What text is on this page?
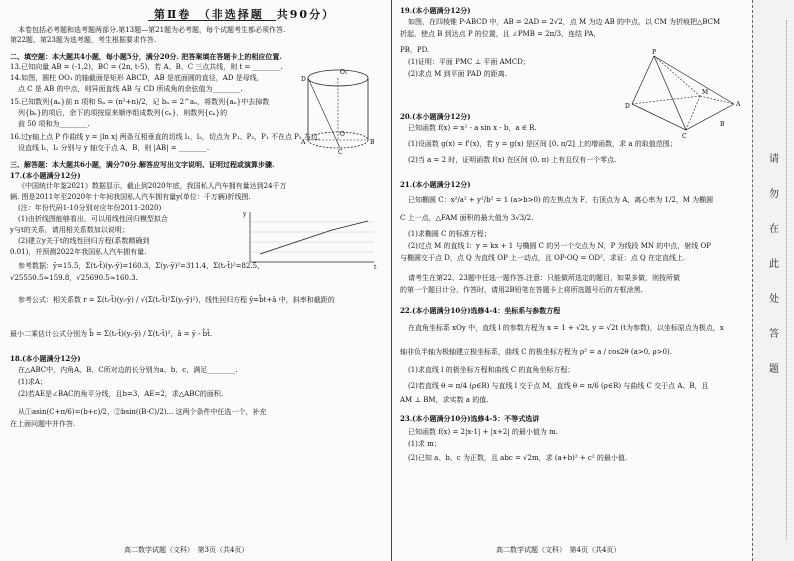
第Ⅱ卷　（非选择题　共90分）
本卷包括必考题和选考题两部分.第13题—第21题为必考题，每个试题考生都必须作答.
第22题、第23题为选考题，考生根据要求作答.
二、填空题：本大题共4小题，每小题5分，满分20分. 把答案填在答题卡上的相应位置.
13.已知向量 AB = (-1,2)，BC = (2n, t-5)，若 A、B、C 三点共线，则 t = ________.
14.如图，圆柱 OO₁ 的轴截面是矩形 ABCD，AB 是底面圆的直径，AD 是母线，
点 C 是 AB 的中点，则异面直线 AB 与 CD 所成角的余弦值为________.
15.已知数列{aₙ}前 n 项和 Sₙ = (n²+n)/2，记 bₙ = 2^aₙ，将数列{aₙ}中去掉数
列{bₙ}的项后，余下的项按原来顺序组成数列{cₙ}，则数列{cₙ}的
前 50 项和为________.
O₁
D
A
C
B
O
16.过y轴上点 P 作曲线 y = |ln x| 两条互相垂直的切线 l₁，l₂，切点为 P₁、P₂，P₁ 不在点 P₂ 左边，
设直线 l₁，l₂ 分别与 y 轴交于点 A，B，则 |AB| = ________.
三、解答题：本大题共6小题，满分70分.解答应写出文字说明、证明过程或演算步骤.
17.(本小题满分12分)
《中国统计年鉴2021》数据显示，截止到2020年底，我国私人汽车拥有量达到24千万
辆. 图是2011年至2020年十年间我国私人汽车拥有量y(单位：千万辆)折线图.
(注：年份代码1-10分别对应年份2011-2020)
(1)由折线图能够看出，可以用线性回归模型拟合
y与t的关系，请用相关系数加以说明；
(2)建立y关于t的线性回归方程(系数精确到
0.01)，并预测2022年我国私人汽车拥有量.
y
t
参考数据：ȳ=15.5，Σ(tᵢ-t̄)(yᵢ-ȳ)=160.3，Σ(yᵢ-ȳ)²=311.4，Σ(tᵢ-t̄)²=82.5，
√25550.5≈159.8，√25690.5≈160.3.
参考公式：相关系数 r = Σ(tᵢ-t̄)(yᵢ-ȳ) / √(Σ(tᵢ-t̄)²Σ(yᵢ-ȳ)²)，线性回归方程 ŷ=b̂t+â 中，斜率和截距的
最小二乘估计公式分别为 b̂ = Σ(tᵢ-t̄)(yᵢ-ȳ) / Σ(tᵢ-t̄)²，â = ȳ - b̂t̄.
18.(本小题满分12分)
在△ABC中，内角A、B、C所对边的长分别为a、b、c，满足________.
(1)求A；
(2)若AE是∠BAC的角平分线，且b=3，AE=2，求△ABC的面积.
从①asin(C+π/6)=(b+c)/2，②bsin((B-C)/2)... 这两个条件中任选一个，补充
在上面问题中并作答.
高二数学试题（文科）　第3页（共4页）
19.(本小题满分12分)
如图，在四棱锥 P-ABCD 中，AB = 2AD = 2√2，点 M 为边 AB 的中点，以 CM 为折痕把△BCM
折起，使点 B 到达点 P 的位置，且 ∠PMB = 2π/3，连结 PA，
PB，PD.
(1)证明：平面 PMC ⊥ 平面 AMCD；
(2)求点 M 到平面 PAD 的距离.
P
D
C
M
A
B
20.(本小题满分12分)
已知函数 f(x) = x² - a sin x - b，a ∈ R.
(1)设函数 g(x) = f'(x)，若 y = g(x) 是区间 [0, π/2] 上的增函数，求 a 的取值范围；
(2)当 a = 2 时，证明函数 f(x) 在区间 (0, π) 上有且仅有一个零点.
21.(本小题满分12分)
已知椭圆 C：x²/a² + y²/b² = 1 (a>b>0) 的左焦点为 F，右顶点为 A，离心率为 1/2，M 为椭圆
C 上一点，△FAM 面积的最大值为 3√3/2.
(1)求椭圆 C 的标准方程；
(2)过点 M 的直线 l：y = kx + 1 与椭圆 C 的另一个交点为 N，P 为线段 MN 的中点，射线 OP
与椭圆交于点 D，点 Q 为直线 OP 上一动点，且 OP·OQ = OD²，求证：点 Q 在定直线上.
请考生在第22、23题中任选一题作答.注意：只能做所选定的题目，如果多做，则按所做
的第一个题目计分，作答时，请用2B铅笔在答题卡上将所选题号后的方框涂黑.
22.(本小题满分10分)选修4-4：坐标系与参数方程
在直角坐标系 xOy 中，直线 l 的参数方程为 x = 1 + √2t, y = √2t (t为参数)，以坐标原点为极点，x
轴非负半轴为极轴建立极坐标系，曲线 C 的极坐标方程为 ρ² = a / cos2θ (a>0, ρ>0).
(1)求直线 l 的极坐标方程和曲线 C 的直角坐标方程；
(2)若直线 θ = π/4 (ρ∈R) 与直线 l 交于点 M，直线 θ = π/6 (ρ∈R) 与曲线 C 交于点 A、B，且
AM ⊥ BM，求实数 a 的值.
23.(本小题满分10分)选修4-5：不等式选讲
已知函数 f(x) = 2|x-1| + |x+2| 的最小值为 m.
(1)求 m；
(2)已知 a、b、c 为正数，且 abc = √2m，求 (a+b)² + c² 的最小值.
高二数学试题（文科）　第4页（共4页）
请
勿
在
此
处
答
题
